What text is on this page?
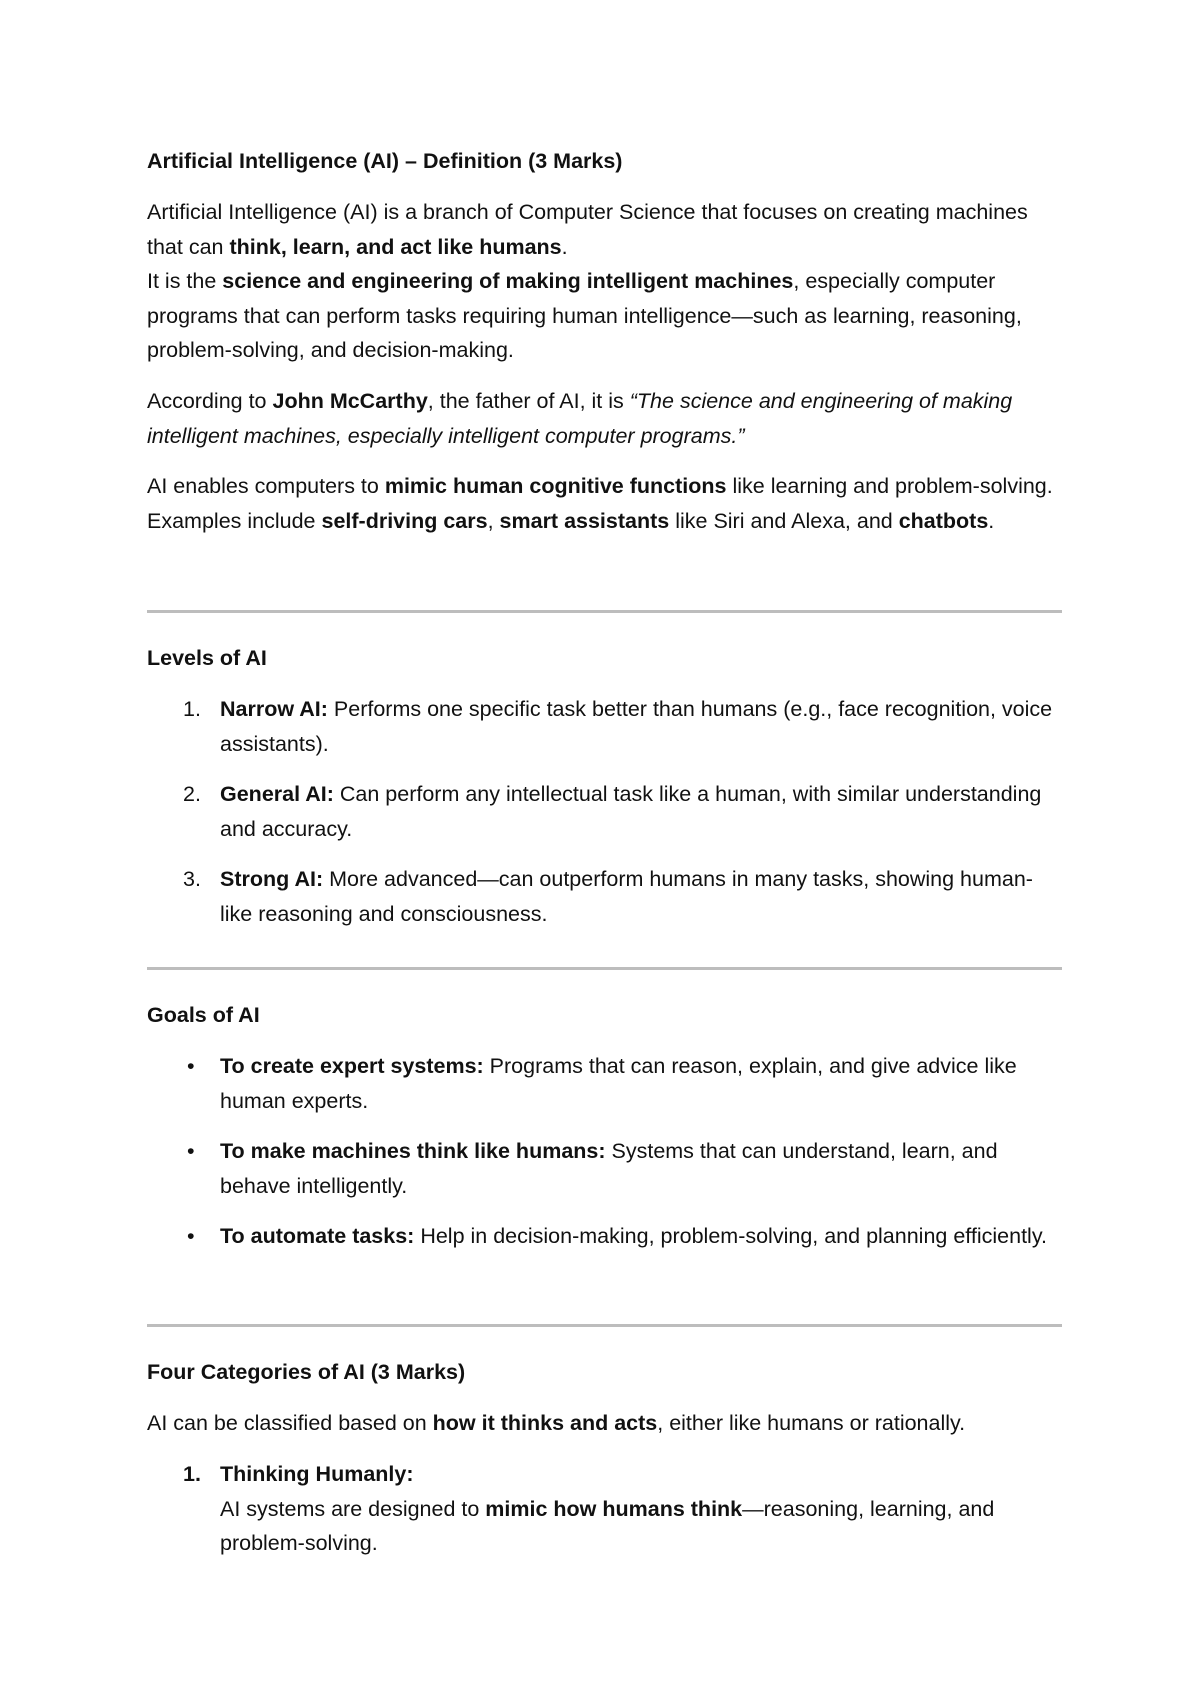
Artificial Intelligence (AI) – Definition (3 Marks)

Artificial Intelligence (AI) is a branch of Computer Science that focuses on creating machines that can think, learn, and act like humans.

It is the science and engineering of making intelligent machines, especially computer programs that can perform tasks requiring human intelligence—such as learning, reasoning, problem-solving, and decision-making.

According to John McCarthy, the father of AI, it is “The science and engineering of making intelligent machines, especially intelligent computer programs.”

AI enables computers to mimic human cognitive functions like learning and problem-solving. Examples include self-driving cars, smart assistants like Siri and Alexa, and chatbots.

Levels of AI
1. Narrow AI: Performs one specific task better than humans (e.g., face recognition, voice assistants).
2. General AI: Can perform any intellectual task like a human, with similar understanding and accuracy.
3. Strong AI: More advanced—can outperform humans in many tasks, showing human-like reasoning and consciousness.
Goals of AI
• To create expert systems: Programs that can reason, explain, and give advice like human experts.
• To make machines think like humans: Systems that can understand, learn, and behave intelligently.
• To automate tasks: Help in decision-making, problem-solving, and planning efficiently.
Four Categories of AI (3 Marks)

AI can be classified based on how it thinks and acts, either like humans or rationally.

1. Thinking Humanly:
AI systems are designed to mimic how humans think—reasoning, learning, and problem-solving.
